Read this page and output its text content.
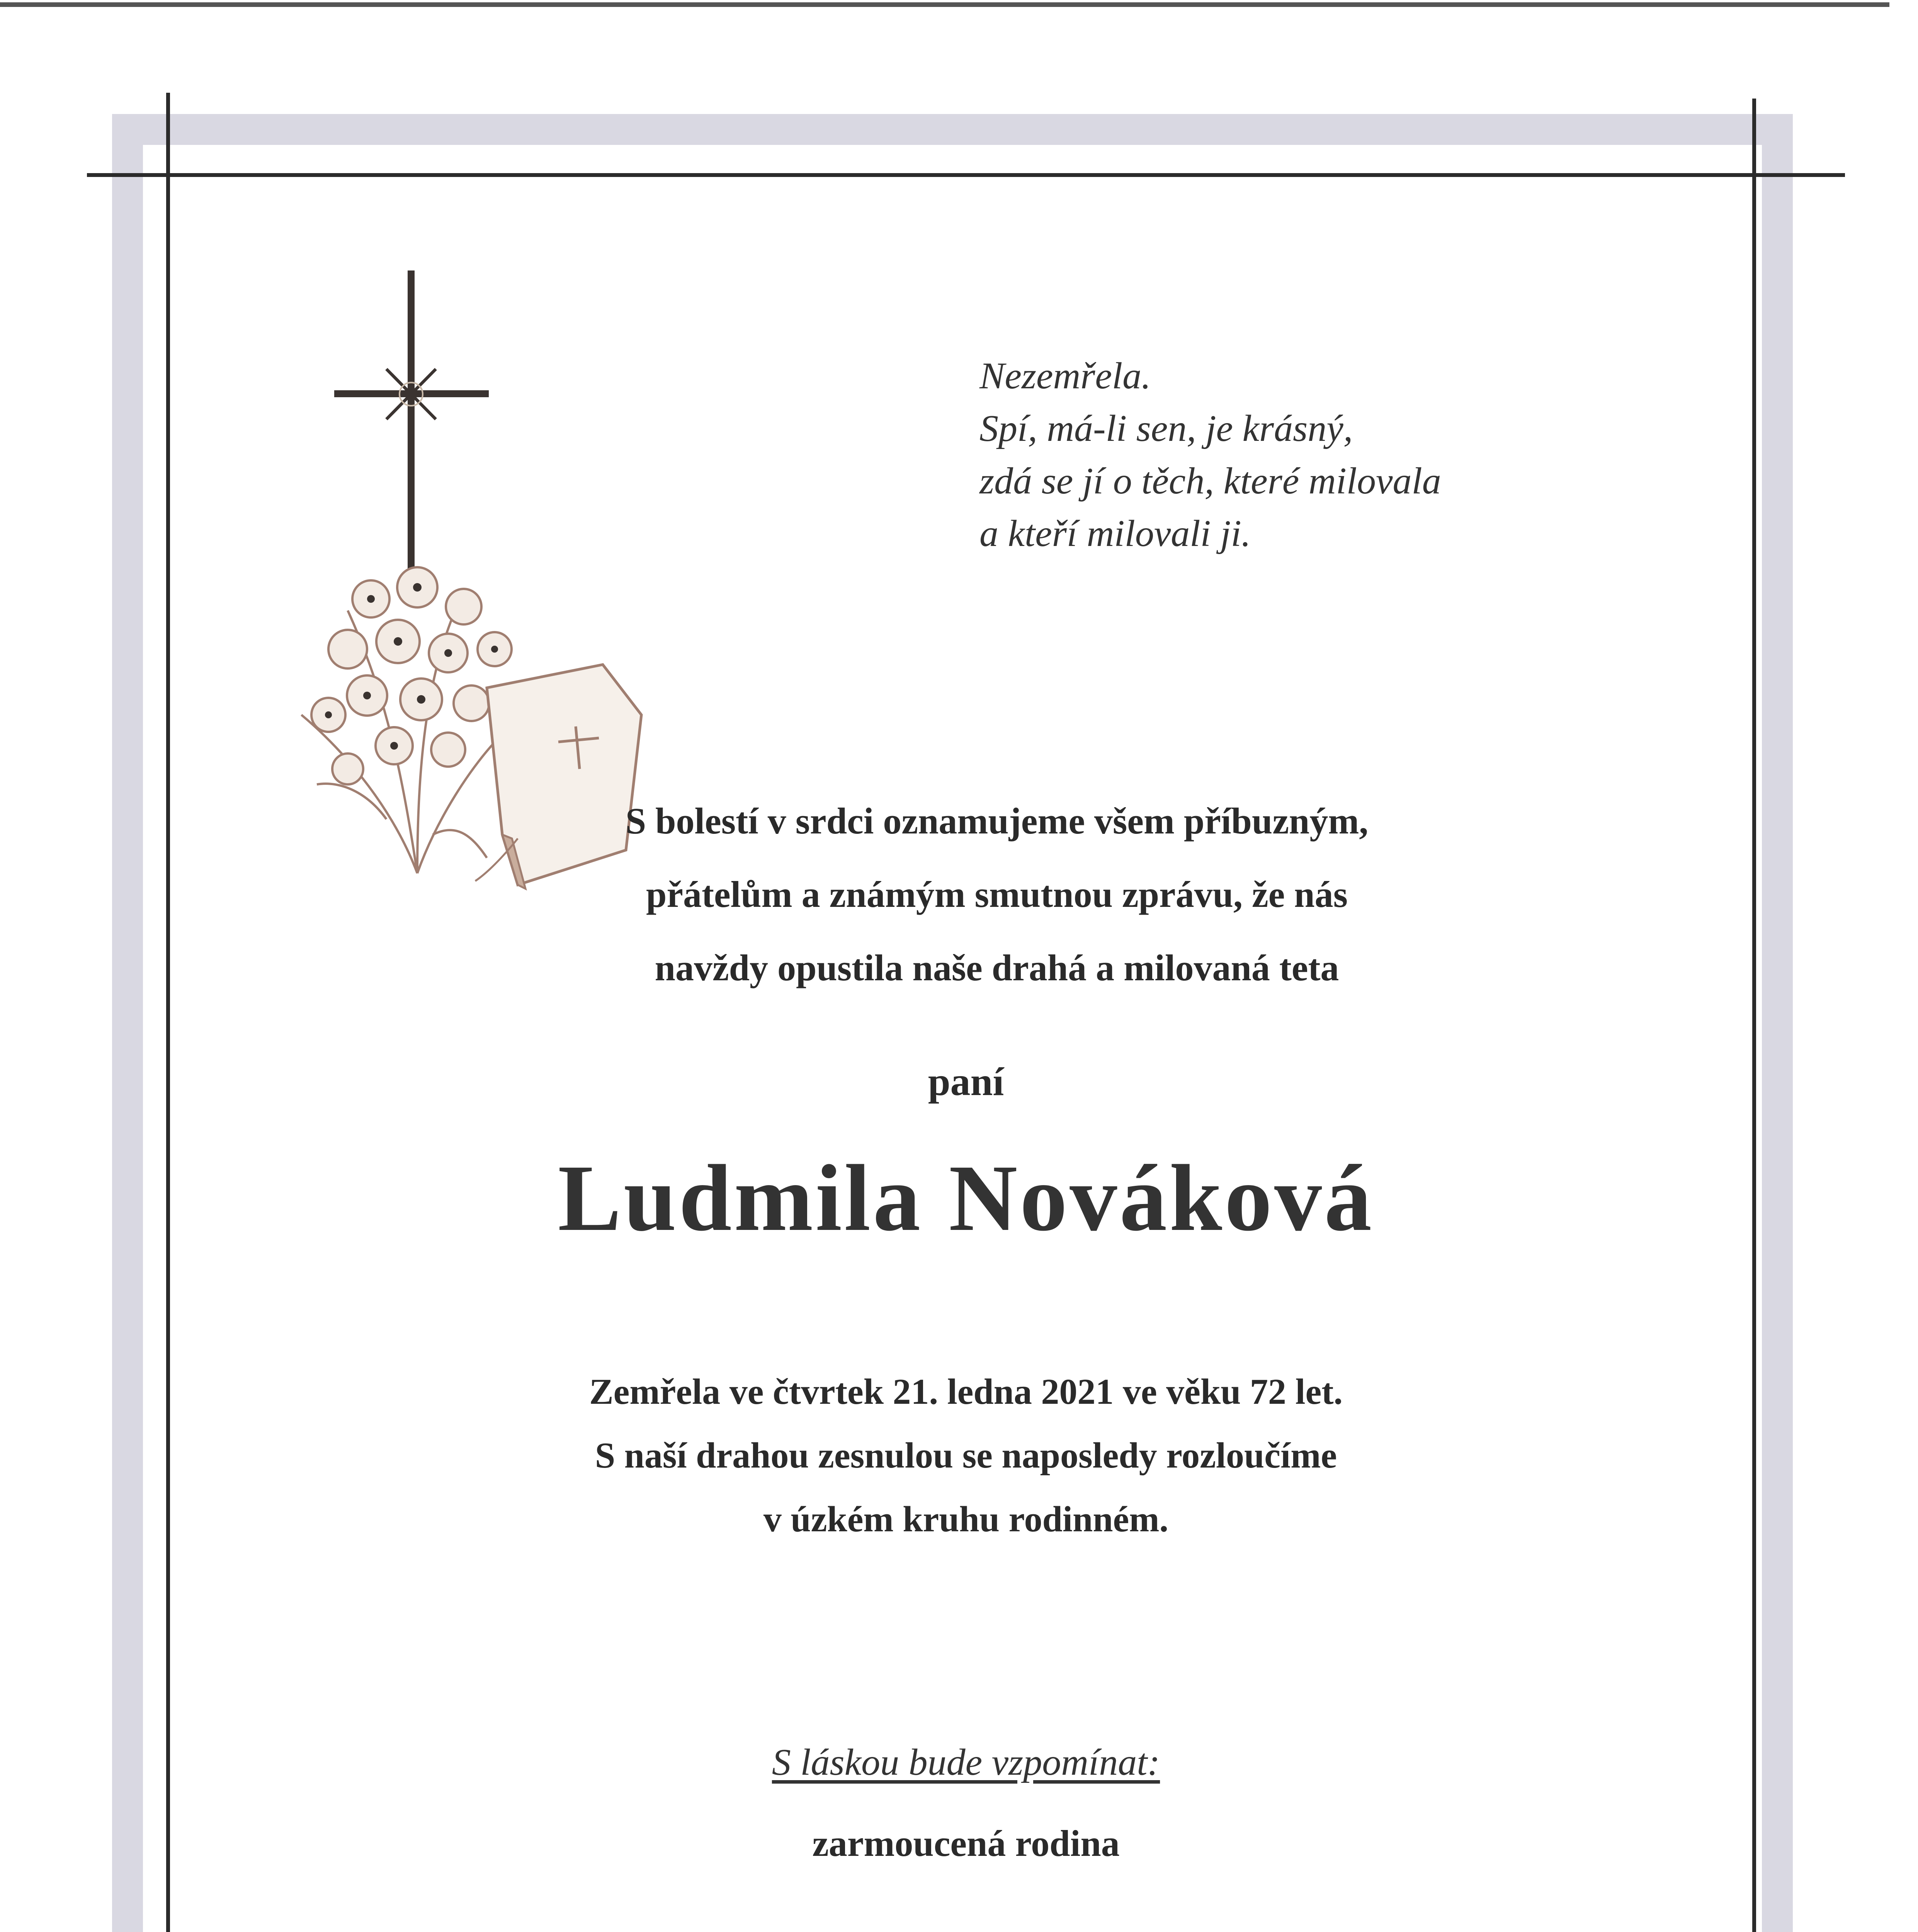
Nezemřela.
Spí, má-li sen, je krásný,
zdá se jí o těch, které milovala
a kteří milovali ji.
S bolestí v srdci oznamujeme všem příbuzným,
přátelům a známým smutnou zprávu, že nás
navždy opustila naše drahá a milovaná teta
paní
Ludmila Nováková
Zemřela ve čtvrtek 21. ledna 2021 ve věku 72 let.
S naší drahou zesnulou se naposledy rozloučíme
v úzkém kruhu rodinném.
S láskou bude vzpomínat:
zarmoucená rodina
